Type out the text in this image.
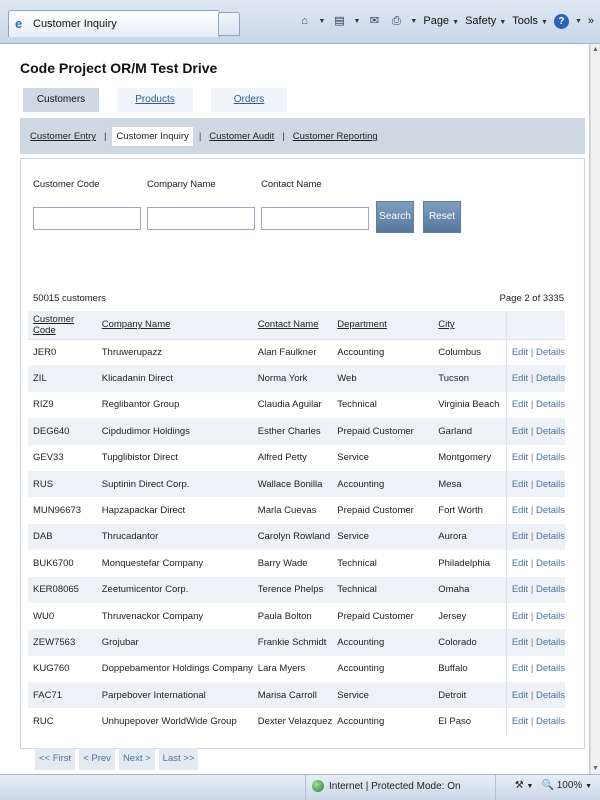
e Customer Inquiry	⌂	▼ ▤	▼ ✉	⎙	▼ Page ▼ Safety ▼ Tools ▼	?	▼ »
Code Project OR/M Test Drive
Customers	Products	Orders
Customer Entry |	Customer Inquiry	| Customer Audit | Customer Reporting
Customer Code	Company Name	Contact Name
Search	Reset
50015 customers	Page 2 of 3335
Customer Code	Company Name	Contact Name	Department	City	
JER0	Thruwerupazz	Alan Faulkner	Accounting	Columbus	Edit | Details
ZIL	Klicadanin Direct	Norma York	Web	Tucson	Edit | Details
RIZ9	Reglibantor Group	Claudia Aguilar	Technical	Virginia Beach	Edit | Details
DEG640	Cipdudimor Holdings	Esther Charles	Prepaid Customer	Garland	Edit | Details
GEV33	Tupglibistor Direct	Alfred Petty	Service	Montgomery	Edit | Details
RUS	Suptinin Direct Corp.	Wallace Bonilla	Accounting	Mesa	Edit | Details
MUN96673	Hapzapackar Direct	Marla Cuevas	Prepaid Customer	Fort Worth	Edit | Details
DAB	Thrucadantor	Carolyn Rowland	Service	Aurora	Edit | Details
BUK6700	Monquestefar Company	Barry Wade	Technical	Philadelphia	Edit | Details
KER08065	Zeetumicentor Corp.	Terence Phelps	Technical	Omaha	Edit | Details
WU0	Thruvenackor Company	Paula Bolton	Prepaid Customer	Jersey	Edit | Details
ZEW7563	Grojubar	Frankie Schmidt	Accounting	Colorado	Edit | Details
KUG760	Doppebamentor Holdings Company	Lara Myers	Accounting	Buffalo	Edit | Details
FAC71	Parpebover International	Marisa Carroll	Service	Detroit	Edit | Details
RUC	Unhupepover WorldWide Group	Dexter Velazquez	Accounting	El Paso	Edit | Details
<< First	< Prev	Next >	Last >>
▲
▼
Internet | Protected Mode: On	⚒ ▼ 🔍 100% ▼
